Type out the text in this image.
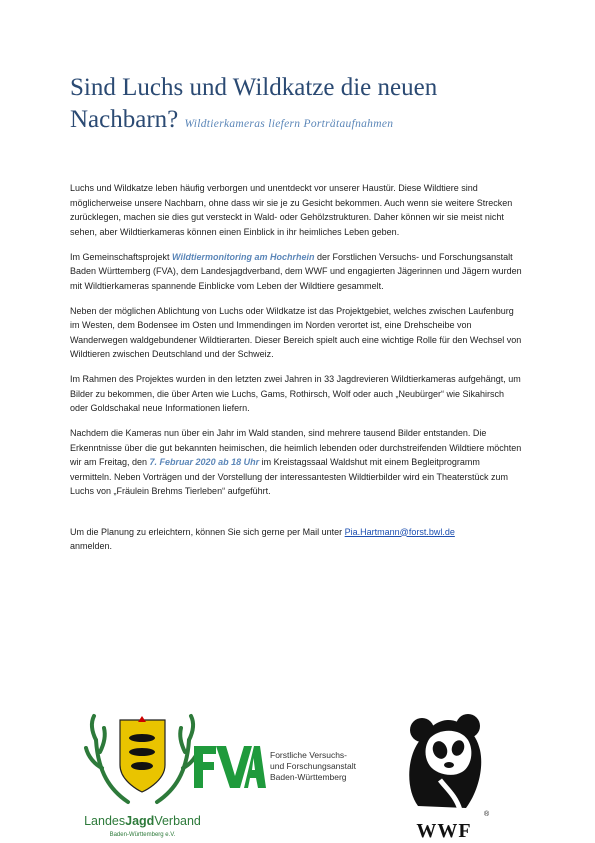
Sind Luchs und Wildkatze die neuen Nachbarn? Wildtierkameras liefern Porträtaufnahmen

Luchs und Wildkatze leben häufig verborgen und unentdeckt vor unserer Haustür. Diese Wildtiere sind möglicherweise unsere Nachbarn, ohne dass wir sie je zu Gesicht bekommen. Auch wenn sie weitere Strecken zurücklegen, machen sie dies gut versteckt in Wald- oder Gehölzstrukturen. Daher können wir sie meist nicht sehen, aber Wildtierkameras können einen Einblick in ihr heimliches Leben geben.

Im Gemeinschaftsprojekt Wildtiermonitoring am Hochrhein der Forstlichen Versuchs- und Forschungsanstalt Baden Württemberg (FVA), dem Landesjagdverband, dem WWF und engagierten Jägerinnen und Jägern wurden mit Wildtierkameras spannende Einblicke vom Leben der Wildtiere gesammelt.

Neben der möglichen Ablichtung von Luchs oder Wildkatze ist das Projektgebiet, welches zwischen Laufenburg im Westen, dem Bodensee im Osten und Immendingen im Norden verortet ist, eine Drehscheibe von Wanderwegen waldgebundener Wildtierarten. Dieser Bereich spielt auch eine wichtige Rolle für den Wechsel von Wildtieren zwischen Deutschland und der Schweiz.

Im Rahmen des Projektes wurden in den letzten zwei Jahren in 33 Jagdrevieren Wildtierkameras aufgehängt, um Bilder zu bekommen, die über Arten wie Luchs, Gams, Rothirsch, Wolf oder auch „Neubürger“ wie Sikahirsch oder Goldschakal neue Informationen liefern.

Nachdem die Kameras nun über ein Jahr im Wald standen, sind mehrere tausend Bilder entstanden. Die Erkenntnisse über die gut bekannten heimischen, die heimlich lebenden oder durchstreifenden Wildtiere möchten wir am Freitag, den 7. Februar 2020 ab 18 Uhr im Kreistagssaal Waldshut mit einem Begleitprogramm vermitteln. Neben Vorträgen und der Vorstellung der interessantesten Wildtierbilder wird ein Theaterstück zum Luchs von „Fräulein Brehms Tierleben“ aufgeführt.

Um die Planung zu erleichtern, können Sie sich gerne per Mail unter Pia.Hartmann@forst.bwl.de
anmelden.

LandesJagdVerband
Baden-Württemberg e.V.
Forstliche Versuchs-
und Forschungsanstalt
Baden-Württemberg
®
WWF
